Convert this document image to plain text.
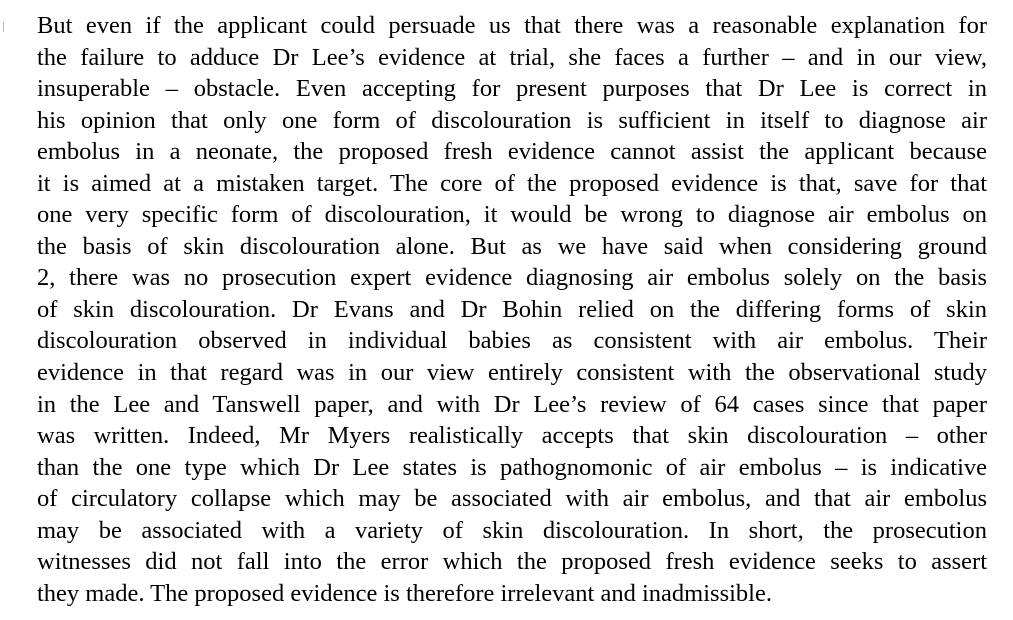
But even if the applicant could persuade us that there was a reasonable explanation for
the failure to adduce Dr Lee’s evidence at trial, she faces a further – and in our view,
insuperable – obstacle. Even accepting for present purposes that Dr Lee is correct in
his opinion that only one form of discolouration is sufficient in itself to diagnose air
embolus in a neonate, the proposed fresh evidence cannot assist the applicant because
it is aimed at a mistaken target. The core of the proposed evidence is that, save for that
one very specific form of discolouration, it would be wrong to diagnose air embolus on
the basis of skin discolouration alone. But as we have said when considering ground
2, there was no prosecution expert evidence diagnosing air embolus solely on the basis
of skin discolouration. Dr Evans and Dr Bohin relied on the differing forms of skin
discolouration observed in individual babies as consistent with air embolus. Their
evidence in that regard was in our view entirely consistent with the observational study
in the Lee and Tanswell paper, and with Dr Lee’s review of 64 cases since that paper
was written. Indeed, Mr Myers realistically accepts that skin discolouration – other
than the one type which Dr Lee states is pathognomonic of air embolus – is indicative
of circulatory collapse which may be associated with air embolus, and that air embolus
may be associated with a variety of skin discolouration. In short, the prosecution
witnesses did not fall into the error which the proposed fresh evidence seeks to assert
they made. The proposed evidence is therefore irrelevant and inadmissible.
